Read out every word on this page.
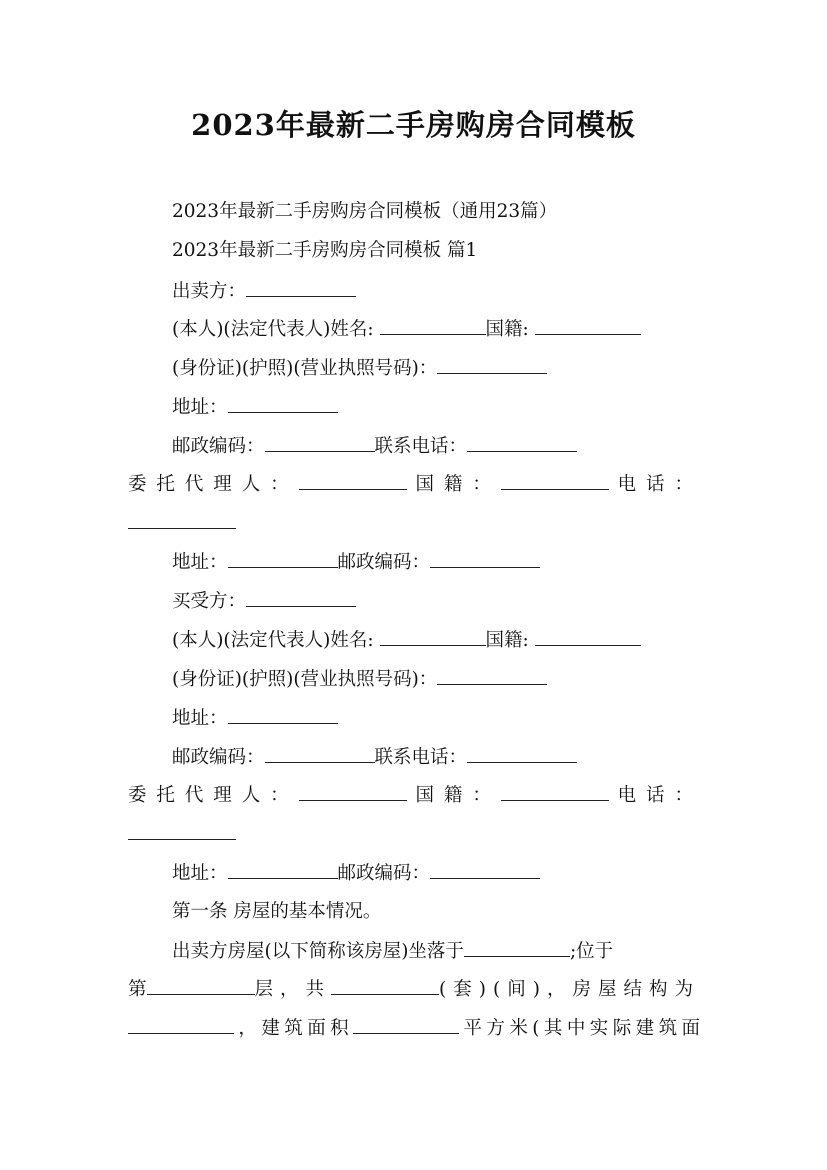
2023年最新二手房购房合同模板
2023年最新二手房购房合同模板（通用23篇）
2023年最新二手房购房合同模板 篇1
出卖方：
(本人)(法定代表人)姓名:	国籍:
(身份证)(护照)(营业执照号码)：
地址：
邮政编码：	联系电话：
委托代理人：	国籍：	电话：
地址：	邮政编码：
买受方：
(本人)(法定代表人)姓名:	国籍:
(身份证)(护照)(营业执照号码)：
地址：
邮政编码：	联系电话：
委托代理人：	国籍：	电话：
地址：	邮政编码：
第一条 房屋的基本情况。
出卖方房屋(以下简称该房屋)坐落于	;位于
第	层，共	(套)(间)，房屋结构为
，建筑面积	平方米(其中实际建筑面
